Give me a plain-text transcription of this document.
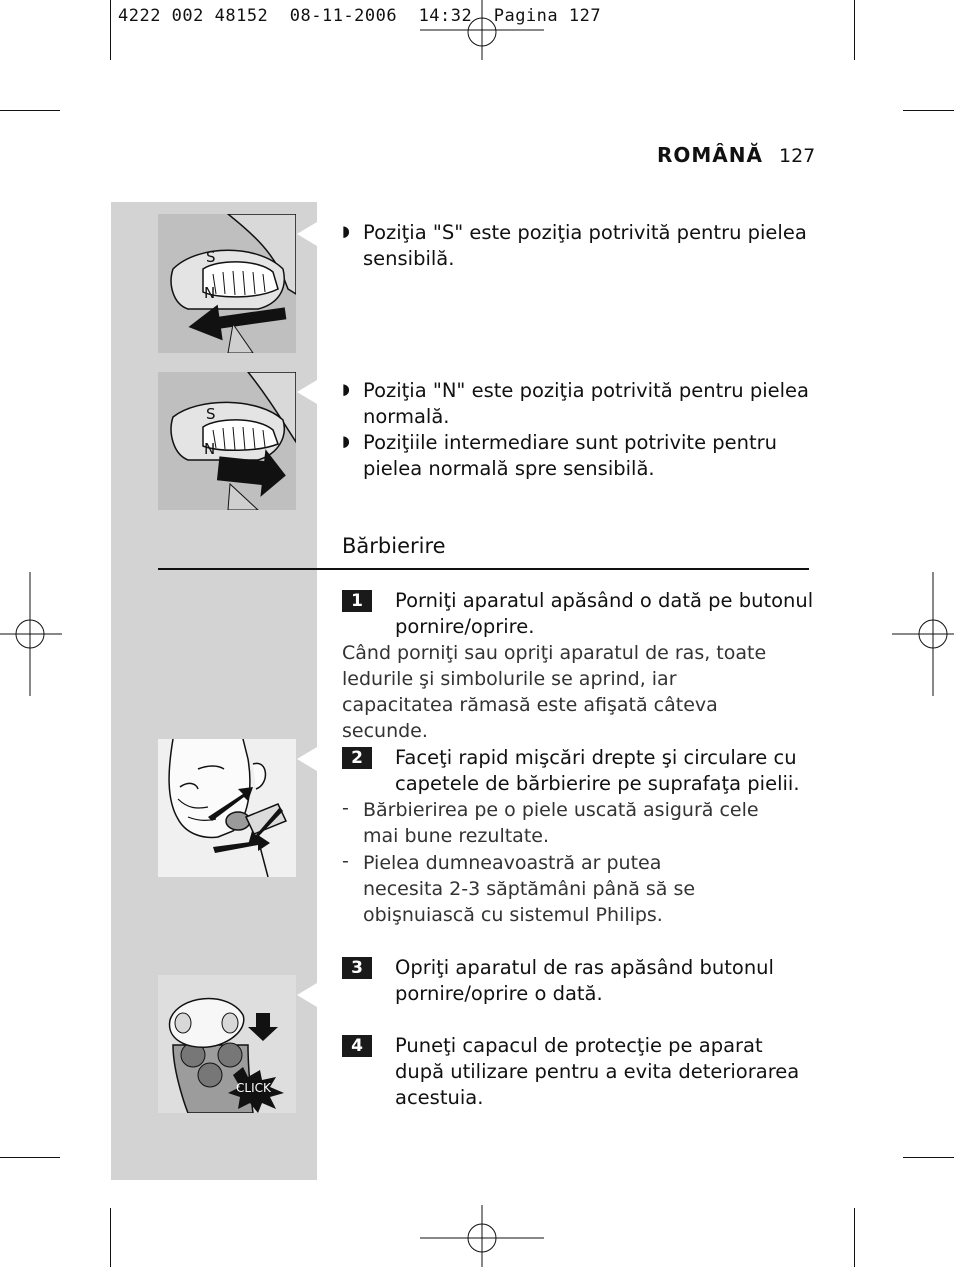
4222 002 48152  08-11-2006  14:32  Pagina 127
ROMÂNĂ 127
S
N
S
N
CLICK
◗ Poziţia "S" este poziţia potrivită pentru pielea sensibilă.
◗ Poziţia "N" este poziţia potrivită pentru pielea normală.
◗ Poziţiile intermediare sunt potrivite pentru pielea normală spre sensibilă.
Bărbierire
1	Porniţi aparatul apăsând o dată pe butonul pornire/oprire.
Când porniţi sau opriţi aparatul de ras, toate ledurile şi simbolurile se aprind, iar capacitatea rămasă este afişată câteva secunde.
2	Faceţi rapid mişcări drepte şi circulare cu capetele de bărbierire pe suprafaţa pielii.
- Bărbierirea pe o piele uscată asigură cele mai bune rezultate.
- Pielea dumneavoastră ar putea necesita 2-3 săptămâni până să se obişnuiască cu sistemul Philips.
3	Opriţi aparatul de ras apăsând butonul pornire/oprire o dată.
4	Puneţi capacul de protecţie pe aparat după utilizare pentru a evita deteriorarea acestuia.
